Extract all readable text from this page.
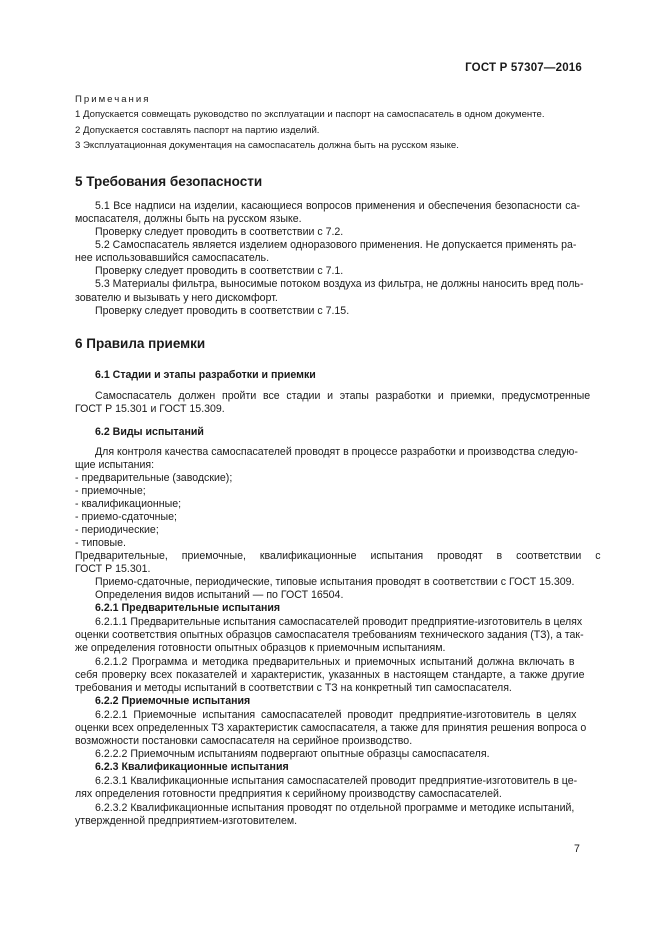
ГОСТ Р 57307—2016
Примечания
1 Допускается совмещать руководство по эксплуатации и паспорт на самоспасатель в одном документе.
2 Допускается составлять паспорт на партию изделий.
3 Эксплуатационная документация на самоспасатель должна быть на русском языке.
5 Требования безопасности
5.1 Все надписи на изделии, касающиеся вопросов применения и обеспечения безопасности са-
моспасателя, должны быть на русском языке.
Проверку следует проводить в соответствии с 7.2.
5.2 Самоспасатель является изделием одноразового применения. Не допускается применять ра-
нее использовавшийся самоспасатель.
Проверку следует проводить в соответствии с 7.1.
5.3 Материалы фильтра, выносимые потоком воздуха из фильтра, не должны наносить вред поль-
зователю и вызывать у него дискомфорт.
Проверку следует проводить в соответствии с 7.15.
6 Правила приемки
6.1 Стадии и этапы разработки и приемки
Самоспасатель должен пройти все стадии и этапы разработки и приемки, предусмотренные
ГОСТ Р 15.301 и ГОСТ 15.309.
6.2 Виды испытаний
Для контроля качества самоспасателей проводят в процессе разработки и производства следую-
щие испытания:
- предварительные (заводские);
- приемочные;
- квалификационные;
- приемо-сдаточные;
- периодические;
- типовые.
Предварительные, приемочные, квалификационные испытания проводят в соответствии с
ГОСТ Р 15.301.
Приемо-сдаточные, периодические, типовые испытания проводят в соответствии с ГОСТ 15.309.
Определения видов испытаний — по ГОСТ 16504.
6.2.1 Предварительные испытания
6.2.1.1 Предварительные испытания самоспасателей проводит предприятие-изготовитель в целях
оценки соответствия опытных образцов самоспасателя требованиям технического задания (ТЗ), а так-
же определения готовности опытных образцов к приемочным испытаниям.
6.2.1.2 Программа и методика предварительных и приемочных испытаний должна включать в
себя проверку всех показателей и характеристик, указанных в настоящем стандарте, а также другие
требования и методы испытаний в соответствии с ТЗ на конкретный тип самоспасателя.
6.2.2 Приемочные испытания
6.2.2.1 Приемочные испытания самоспасателей проводит предприятие-изготовитель в целях
оценки всех определенных ТЗ характеристик самоспасателя, а также для принятия решения вопроса о
возможности постановки самоспасателя на серийное производство.
6.2.2.2 Приемочным испытаниям подвергают опытные образцы самоспасателя.
6.2.3 Квалификационные испытания
6.2.3.1 Квалификационные испытания самоспасателей проводит предприятие-изготовитель в це-
лях определения готовности предприятия к серийному производству самоспасателей.
6.2.3.2 Квалификационные испытания проводят по отдельной программе и методике испытаний,
утвержденной предприятием-изготовителем.
7
